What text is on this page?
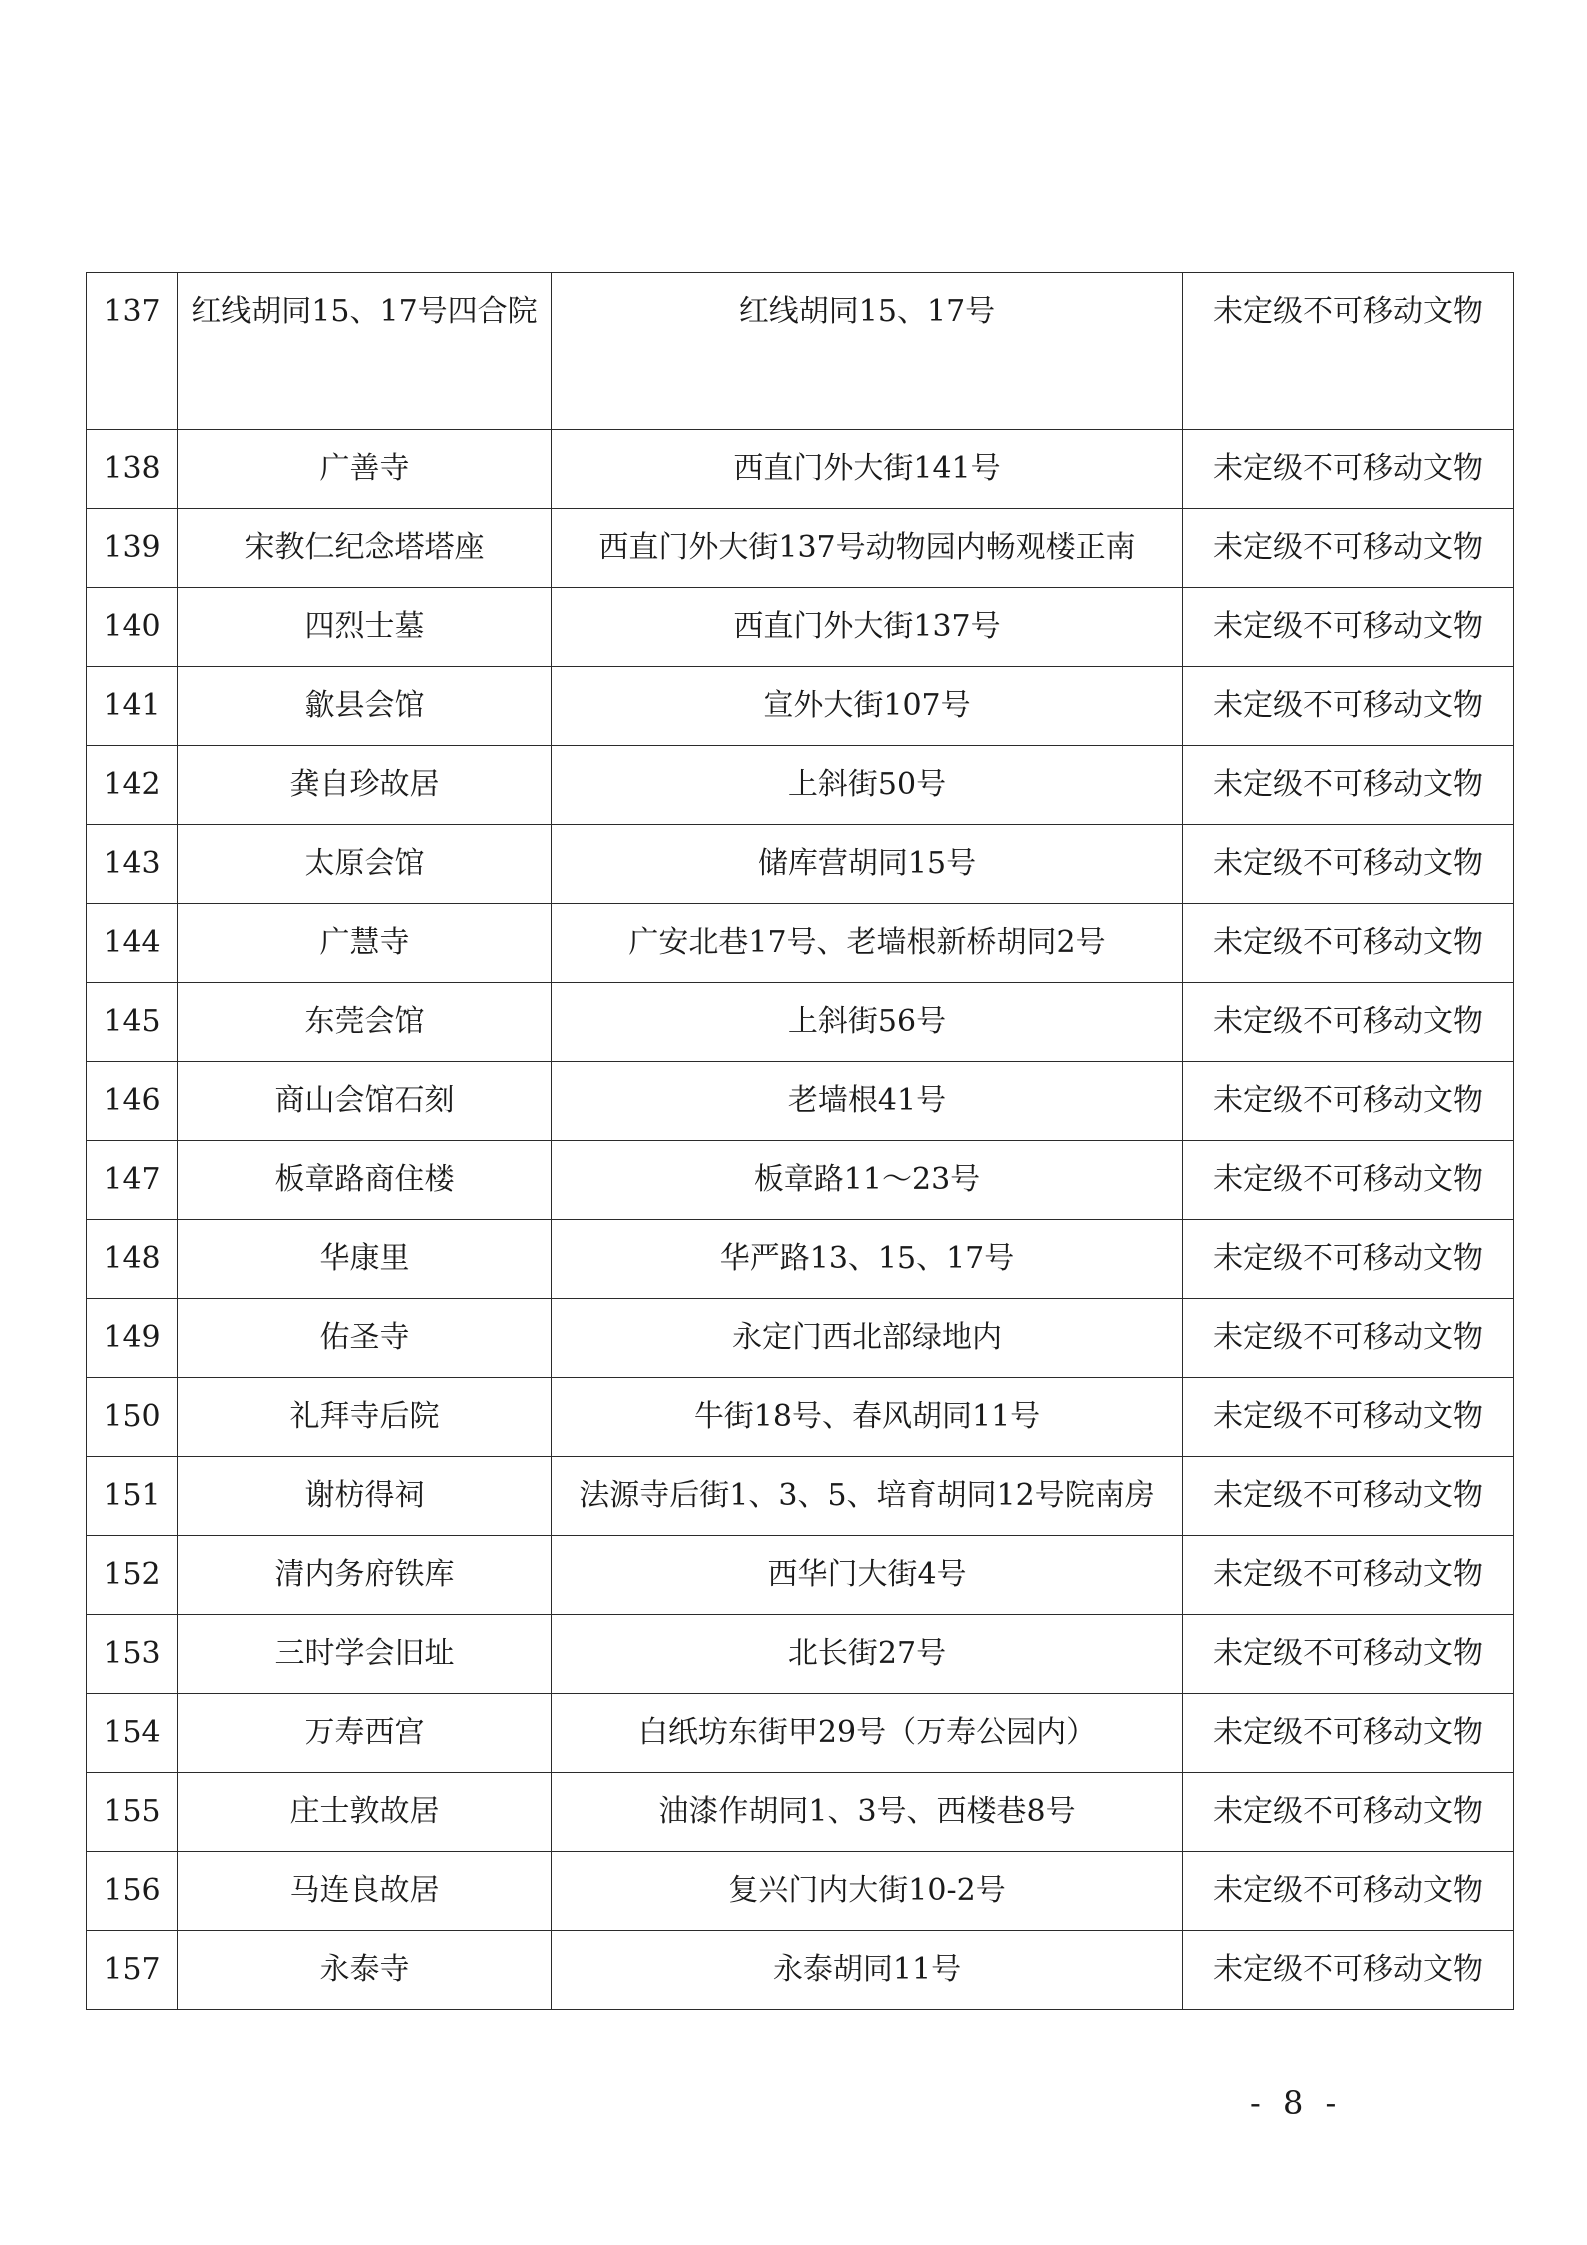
137	红线胡同15、17号四合院	红线胡同15、17号	未定级不可移动文物
138	广善寺	西直门外大街141号	未定级不可移动文物
139	宋教仁纪念塔塔座	西直门外大街137号动物园内畅观楼正南	未定级不可移动文物
140	四烈士墓	西直门外大街137号	未定级不可移动文物
141	歙县会馆	宣外大街107号	未定级不可移动文物
142	龚自珍故居	上斜街50号	未定级不可移动文物
143	太原会馆	储库营胡同15号	未定级不可移动文物
144	广慧寺	广安北巷17号、老墙根新桥胡同2号	未定级不可移动文物
145	东莞会馆	上斜街56号	未定级不可移动文物
146	商山会馆石刻	老墙根41号	未定级不可移动文物
147	板章路商住楼	板章路11～23号	未定级不可移动文物
148	华康里	华严路13、15、17号	未定级不可移动文物
149	佑圣寺	永定门西北部绿地内	未定级不可移动文物
150	礼拜寺后院	牛街18号、春风胡同11号	未定级不可移动文物
151	谢枋得祠	法源寺后街1、3、5、培育胡同12号院南房	未定级不可移动文物
152	清内务府铁库	西华门大街4号	未定级不可移动文物
153	三时学会旧址	北长街27号	未定级不可移动文物
154	万寿西宫	白纸坊东街甲29号（万寿公园内）	未定级不可移动文物
155	庄士敦故居	油漆作胡同1、3号、西楼巷8号	未定级不可移动文物
156	马连良故居	复兴门内大街10-2号	未定级不可移动文物
157	永泰寺	永泰胡同11号	未定级不可移动文物
- 8 -
